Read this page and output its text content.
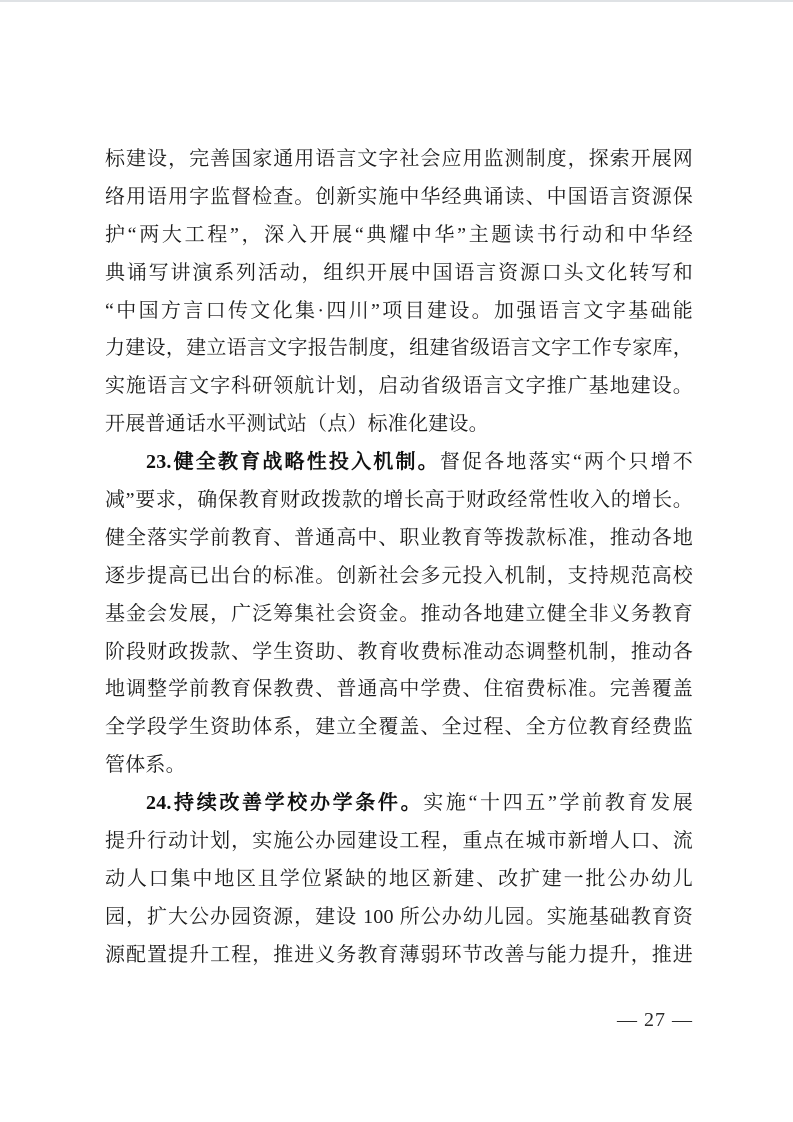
标建设，完善国家通用语言文字社会应用监测制度，探索开展网
络用语用字监督检查。创新实施中华经典诵读、中国语言资源保
护“两大工程”，深入开展“典耀中华”主题读书行动和中华经
典诵写讲演系列活动，组织开展中国语言资源口头文化转写和
“中国方言口传文化集·四川”项目建设。加强语言文字基础能
力建设，建立语言文字报告制度，组建省级语言文字工作专家库，
实施语言文字科研领航计划，启动省级语言文字推广基地建设。
开展普通话水平测试站（点）标准化建设。
23.健全教育战略性投入机制。督促各地落实“两个只增不
减”要求，确保教育财政拨款的增长高于财政经常性收入的增长。
健全落实学前教育、普通高中、职业教育等拨款标准，推动各地
逐步提高已出台的标准。创新社会多元投入机制，支持规范高校
基金会发展，广泛筹集社会资金。推动各地建立健全非义务教育
阶段财政拨款、学生资助、教育收费标准动态调整机制，推动各
地调整学前教育保教费、普通高中学费、住宿费标准。完善覆盖
全学段学生资助体系，建立全覆盖、全过程、全方位教育经费监
管体系。
24.持续改善学校办学条件。实施“十四五”学前教育发展
提升行动计划，实施公办园建设工程，重点在城市新增人口、流
动人口集中地区且学位紧缺的地区新建、改扩建一批公办幼儿
园，扩大公办园资源，建设 100 所公办幼儿园。实施基础教育资
源配置提升工程，推进义务教育薄弱环节改善与能力提升，推进
— 27 —
